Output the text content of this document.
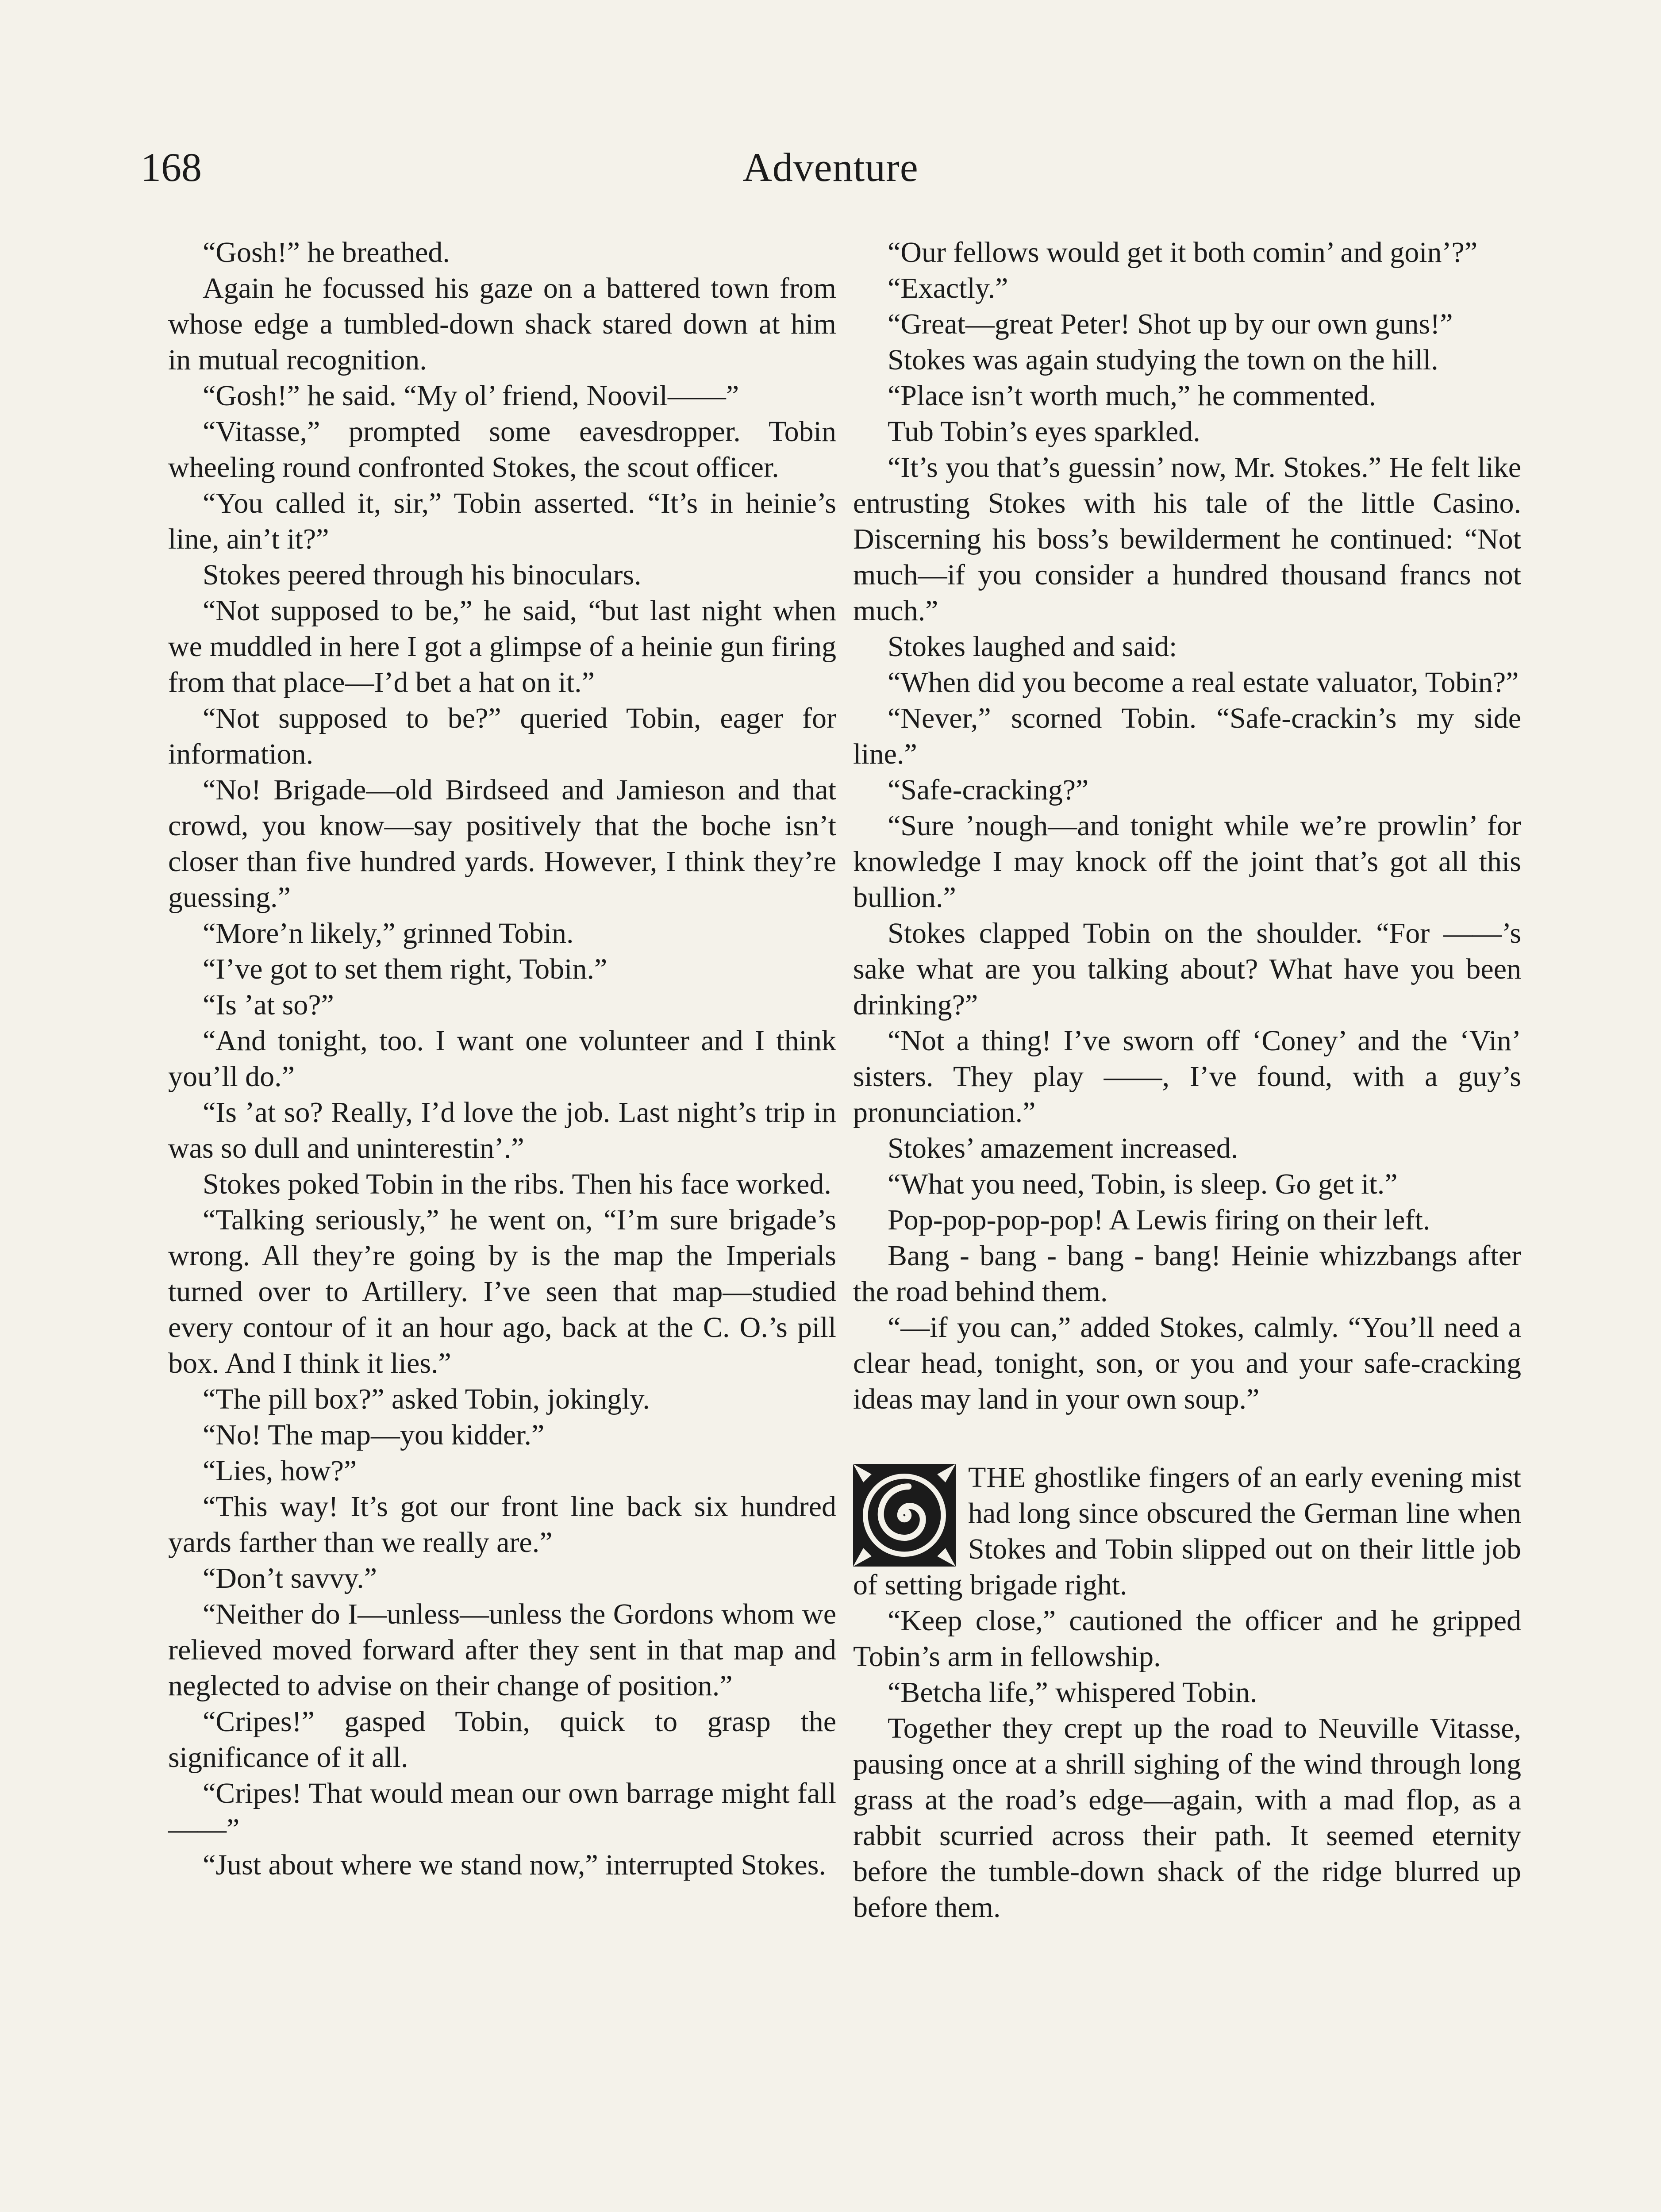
168	Adventure

“Gosh!” he breathed.

Again he focussed his gaze on a battered town from whose edge a tumbled-down shack stared down at him in mutual recognition.

“Gosh!” he said. “My ol’ friend, Noovil——”

“Vitasse,” prompted some eavesdropper. Tobin wheeling round confronted Stokes, the scout officer.

“You called it, sir,” Tobin asserted. “It’s in heinie’s line, ain’t it?”

Stokes peered through his binoculars.

“Not supposed to be,” he said, “but last night when we muddled in here I got a glimpse of a heinie gun firing from that place—I’d bet a hat on it.”

“Not supposed to be?” queried Tobin, eager for information.

“No! Brigade—old Birdseed and Jamieson and that crowd, you know—say positively that the boche isn’t closer than five hundred yards. However, I think they’re guessing.”

“More’n likely,” grinned Tobin.

“I’ve got to set them right, Tobin.”

“Is ’at so?”

“And tonight, too. I want one volunteer and I think you’ll do.”

“Is ’at so? Really, I’d love the job. Last night’s trip in was so dull and uninterestin’.”

Stokes poked Tobin in the ribs. Then his face worked.

“Talking seriously,” he went on, “I’m sure brigade’s wrong. All they’re going by is the map the Imperials turned over to Artillery. I’ve seen that map—studied every contour of it an hour ago, back at the C. O.’s pill box. And I think it lies.”

“The pill box?” asked Tobin, jokingly.

“No! The map—you kidder.”

“Lies, how?”

“This way! It’s got our front line back six hundred yards farther than we really are.”

“Don’t savvy.”

“Neither do I—unless—unless the Gordons whom we relieved moved forward after they sent in that map and neglected to advise on their change of position.”

“Cripes!” gasped Tobin, quick to grasp the significance of it all.

“Cripes! That would mean our own barrage might fall——”

“Just about where we stand now,” interrupted Stokes.

“Our fellows would get it both comin’ and goin’?”

“Exactly.”

“Great—great Peter! Shot up by our own guns!”

Stokes was again studying the town on the hill.

“Place isn’t worth much,” he commented.

Tub Tobin’s eyes sparkled.

“It’s you that’s guessin’ now, Mr. Stokes.” He felt like entrusting Stokes with his tale of the little Casino. Discerning his boss’s bewilderment he continued: “Not much—if you consider a hundred thousand francs not much.”

Stokes laughed and said:

“When did you become a real estate valuator, Tobin?”

“Never,” scorned Tobin. “Safe-crackin’s my side line.”

“Safe-cracking?”

“Sure ’nough—and tonight while we’re prowlin’ for knowledge I may knock off the joint that’s got all this bullion.”

Stokes clapped Tobin on the shoulder. “For ——’s sake what are you talking about? What have you been drinking?”

“Not a thing! I’ve sworn off ‘Coney’ and the ‘Vin’ sisters. They play ——, I’ve found, with a guy’s pronunciation.”

Stokes’ amazement increased.

“What you need, Tobin, is sleep. Go get it.”

Pop-pop-pop-pop! A Lewis firing on their left.

Bang - bang - bang - bang! Heinie whizzbangs after the road behind them.

“—if you can,” added Stokes, calmly. “You’ll need a clear head, tonight, son, or you and your safe-cracking ideas may land in your own soup.”

THE ghostlike fingers of an early evening mist had long since obscured the German line when Stokes and Tobin slipped out on their little job of setting brigade right.

“Keep close,” cautioned the officer and he gripped Tobin’s arm in fellowship.

“Betcha life,” whispered Tobin.

Together they crept up the road to Neuville Vitasse, pausing once at a shrill sighing of the wind through long grass at the road’s edge—again, with a mad flop, as a rabbit scurried across their path. It seemed eternity before the tumble-down shack of the ridge blurred up before them.
